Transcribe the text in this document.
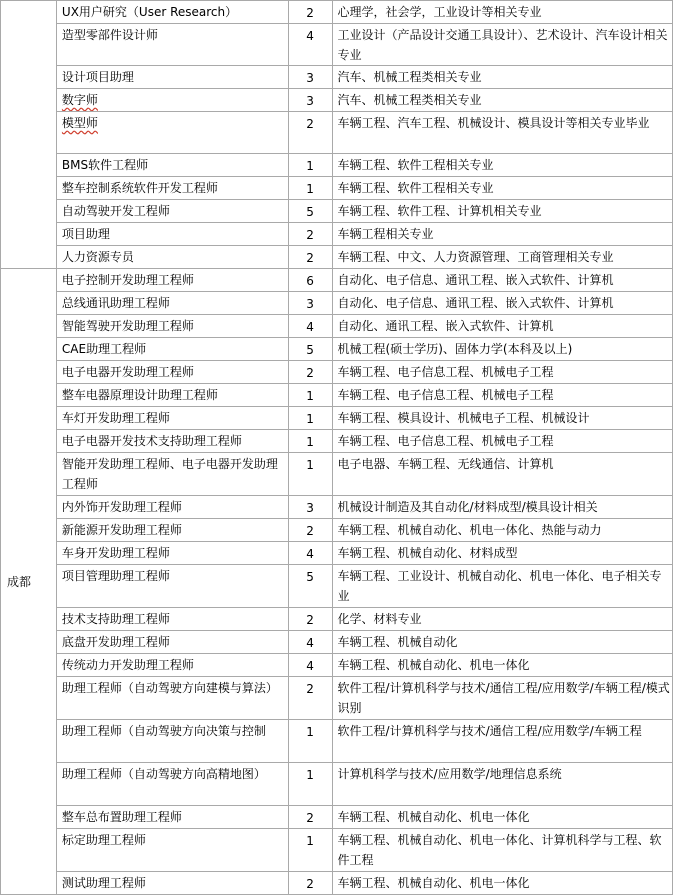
	UX用户研究（User Research）	2	心理学，社会学，工业设计等相关专业
	造型零部件设计师	4	工业设计（产品设计交通工具设计）、艺术设计、汽车设计相关专业
	设计项目助理	3	汽车、机械工程类相关专业
	数字师	3	汽车、机械工程类相关专业
	模型师	2	车辆工程、汽车工程、机械设计、模具设计等相关专业毕业
	BMS软件工程师	1	车辆工程、软件工程相关专业
	整车控制系统软件开发工程师	1	车辆工程、软件工程相关专业
	自动驾驶开发工程师	5	车辆工程、软件工程、计算机相关专业
	项目助理	2	车辆工程相关专业
	人力资源专员	2	车辆工程、中文、人力资源管理、工商管理相关专业
成都	电子控制开发助理工程师	6	自动化、电子信息、通讯工程、嵌入式软件、计算机
	总线通讯助理工程师	3	自动化、电子信息、通讯工程、嵌入式软件、计算机
	智能驾驶开发助理工程师	4	自动化、通讯工程、嵌入式软件、计算机
	CAE助理工程师	5	机械工程(硕士学历)、固体力学(本科及以上)
	电子电器开发助理工程师	2	车辆工程、电子信息工程、机械电子工程
	整车电器原理设计助理工程师	1	车辆工程、电子信息工程、机械电子工程
	车灯开发助理工程师	1	车辆工程、模具设计、机械电子工程、机械设计
	电子电器开发技术支持助理工程师	1	车辆工程、电子信息工程、机械电子工程
	智能开发助理工程师、电子电器开发助理工程师	1	电子电器、车辆工程、无线通信、计算机
	内外饰开发助理工程师	3	机械设计制造及其自动化/材料成型/模具设计相关
	新能源开发助理工程师	2	车辆工程、机械自动化、机电一体化、热能与动力
	车身开发助理工程师	4	车辆工程、机械自动化、材料成型
	项目管理助理工程师	5	车辆工程、工业设计、机械自动化、机电一体化、电子相关专业
	技术支持助理工程师	2	化学、材料专业
	底盘开发助理工程师	4	车辆工程、机械自动化
	传统动力开发助理工程师	4	车辆工程、机械自动化、机电一体化
	助理工程师（自动驾驶方向建模与算法）	2	软件工程/计算机科学与技术/通信工程/应用数学/车辆工程/模式识别
	助理工程师（自动驾驶方向决策与控制	1	软件工程/计算机科学与技术/通信工程/应用数学/车辆工程
	助理工程师（自动驾驶方向高精地图）	1	计算机科学与技术/应用数学/地理信息系统
	整车总布置助理工程师	2	车辆工程、机械自动化、机电一体化
	标定助理工程师	1	车辆工程、机械自动化、机电一体化、计算机科学与工程、软件工程
	测试助理工程师	2	车辆工程、机械自动化、机电一体化
